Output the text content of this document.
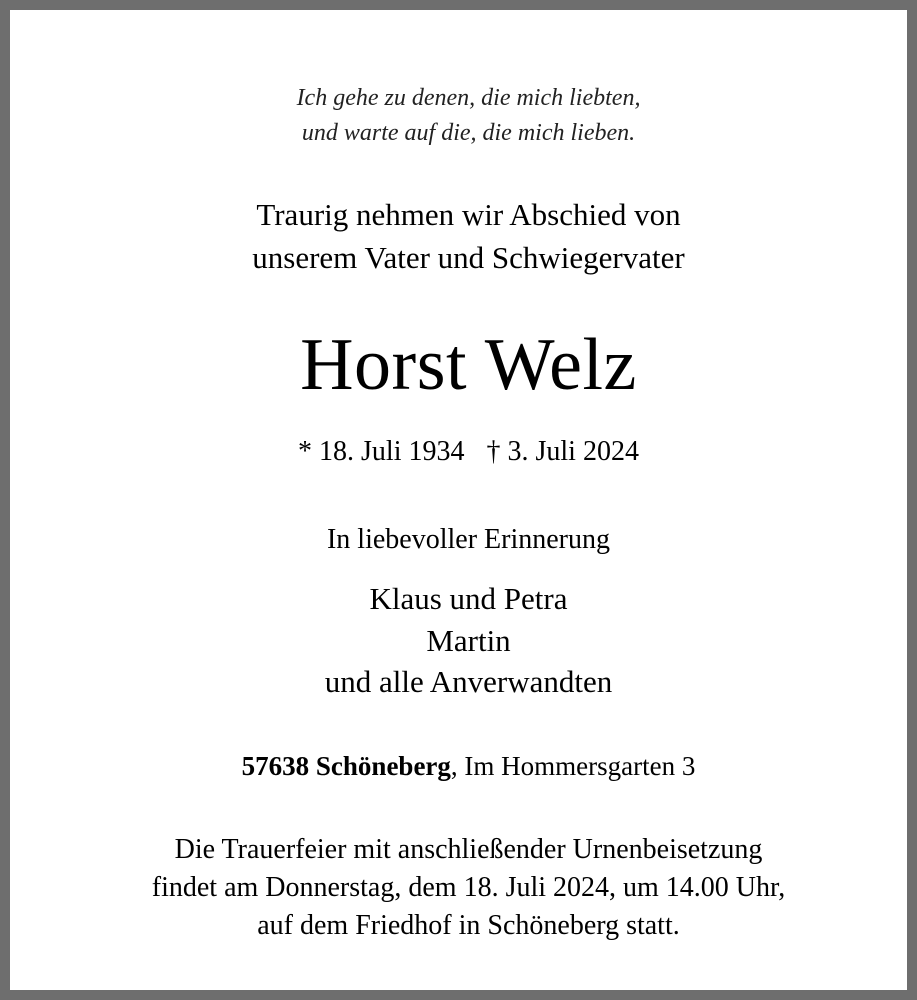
Ich gehe zu denen, die mich liebten,
und warte auf die, die mich lieben.
Traurig nehmen wir Abschied von
unserem Vater und Schwiegervater
Horst Welz
* 18. Juli 1934 † 3. Juli 2024
In liebevoller Erinnerung
Klaus und Petra
Martin
und alle Anverwandten
57638 Schöneberg, Im Hommersgarten 3
Die Trauerfeier mit anschließender Urnenbeisetzung
findet am Donnerstag, dem 18. Juli 2024, um 14.00 Uhr,
auf dem Friedhof in Schöneberg statt.
